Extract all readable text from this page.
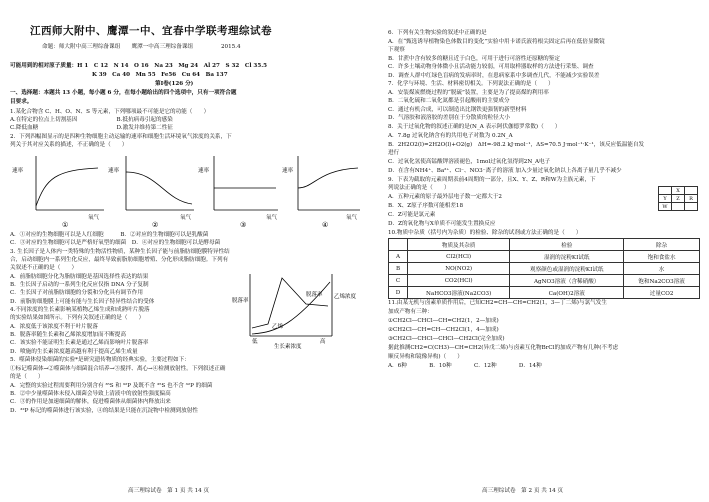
江西师大附中、鹰潭一中、宜春中学联考理综试卷
命题：师大附中高三理综备课组　　鹰潭一中高三理综备课组　　　　　2015.4
可能用到的相对原子质量：H 1　C 12　N 14　O 16　Na 23　Mg 24　Al 27　S 32　Cl 35.5
K 39　Ca 40　Mn 55　Fe56　Cu 64　Ba 137
第Ⅰ卷(126 分)
一、选择题：本题共 13 小题，每小题 6 分，在每小题给出的四个选项中，只有一项符合题
目要求。
1.某化合物含 C、H、O、N、S 等元素，下列哪项最不可能是它的功能（　　）
A.在特定的位点上切割基因　　　　　　　B.抵抗病毒引起的感染
C.降低血糖　　　　　　　　　　　　　　D.激发并维持第二性征
2．下列四幅图显示的是四种生物细胞主动运输的速率和细胞生活环境氧气浓度的关系，下
列关于其对应关系的描述，不正确的是（　　）
速率
氧气
①
速率
氧气
②
速率
氧气
③
速率
氧气
④
A．①对应的生物细胞可以是人红细胞　　　B．②对应的生物细胞可以是乳酸菌
C．③对应的生物细胞可以是严格好氧型的细菌　D．④对应的生物细胞可以是酵母菌
3. 生长因子是人体内一类特殊的生物活性物质，某种生长因子能与前脂肪细胞膜特异性结
合，启动细胞内一系列生化反应，最终导致前脂肪细胞增殖、分化形成脂肪细胞。下列有
关叙述不正确的是（　　）
A．前脂肪细胞分化为脂肪细胞是基因选择性表达的结果
B．生长因子启动的一系列生化反应仅指 DNA 分子复制
C．生长因子对前脂肪细胞的分裂和分化具有调节作用
D．前脂肪细胞膜上可能有能与生长因子特异性结合的受体
4.不同浓度的生长素影响某植物乙烯生成和成熟叶片脱落
的实验结果如图所示。下列有关叙述正确的是（　　）
A．浓度低于该浓度不利于叶片脱落
B．脱落率随生长素和乙烯浓度增加而不断提高
C．该实验不能证明生长素是通过乙烯而影响叶片脱落率
D．喷施的生长素浓度越高越有利于提高乙烯生成量
5．噬菌体侵染细菌的实验*是研究遗传物质的经典实验，主要过程如下：
①标记噬菌体→②噬菌体与细菌混合培养→③搅拌、离心→④检测放射性。下列叙述正确
的是（　　）
A．完整的实验过程需要利用分别含有 ³⁵S 和 ³²P 及既不含 ³⁵S 也不含 ³²P 的细菌
B．②中少量噬菌体未侵入细菌会导致上清液中的放射性强度偏高
C．③的作用是加速细菌的解体，促进噬菌体从细菌体内释放出来
D．³²P 标记的噬菌体进行该实验，④的结果是只能在沉淀物中检测到放射性
脱落率
乙烯浓度
乙烯
脱落率
低	高
生长素浓度
高三理综试卷　第 1 页 共 14 页
6．下列有关生物实验的叙述中正确的是
A．在“甄选诱导植物染色体数目的变化”实验中用卡诺氏液将根尖固定后再在低倍显微镜
下观察
B．甘蔗中含有较多的糖且近于白色，可用于进行可溶性还原糖的鉴定
C．许多土壤动物身体微小且活动能力较弱，可用取样器取样的方法进行采集、调查
D．调查人群中红绿色盲病的发病率时，在患病家系中多调查几代，不能减少实验误差
7．化学与环境、生活、材料密切相关。下列说法正确的是（　　）
A．安装煤炭燃烧过程的“脱硫”装置，主要是为了提高煤的利用率
B．二氧化硫和二氧化氮都是引起酸雨的主要成分
C．通过有机合成，可以制造出比钢铁更强韧的新型材料
D．气溶胶和液溶胶的差别在于分散质的粒径大小
8．关于过氧化物的叙述正确的是(N_A 表示阿伏伽德罗常数)（　　）
A．7.8g 过氧化钠含有的共用电子对数为 0.2N_A
B．2H2O2(l)=2H2O(l)+O2(g)　ΔH=-98.2 kJ·mol⁻¹，ΔS=70.5 J·mol⁻¹·K⁻¹，该反应低温能自发
进行
C．过氧化氢使高锰酸钾溶液褪色，1mol过氧化氢得到2N_A电子
D．在含有NH4⁺、Ba²⁺、Cl⁻、NO3⁻离子的溶液 加入少量过氧化钠以上各离子量几乎不减少
9．下表为截取的元素周期表前4周期的一部分，且X、Y、Z、R和W为主族元素，下
列说法正确的是（　　）
A．五种元素的原子最外层电子数一定都大于2
B．X、Z原子序数可能相差18
C．Z可能是氯元素
D．Z的氧化物与X单质不可能发生置换反应
10.物质中杂质（括号内为杂质）的检验、除杂的试剂或方法正确的是（　　）
	X	
Y	Z	R
W		
	物质及其杂质	检验	除杂
A	Cl2(HCl)	湿润的淀粉KI试纸	饱和食盐水
B	NO(NO2)	观察颜色或湿润的淀粉KI试纸	水
C	CO2(HCl)	AgNO3溶液（含稀硝酸）	饱和Na2CO3溶液
D	NaHCO3溶液(Na2CO3)	Ca(OH)2溶液	过量CO2
11.由某无机与卤素单质作用后，已知CH2=CH—CH=CH2(1，3—丁二烯)与氯气发生
加成产物有三种：
①CH2Cl—CHCl—CH=CH2(1，2—加成)
②CH2Cl—CH=CH—CH2Cl(1，4—加成)
③CH2Cl—CHCl—CHCl—CH2Cl(完全加成)
据此推测CH2=C(CH3)—CH=CH2(异戊二烯)与卤素互化物BrCl的加成产物有几种(不考虑
顺反异构和镜像异构)（　　）
A．6种　　　　B．10种　　　　C．12种　　　　D．14种
高三理综试卷　第 2 页 共 14 页
